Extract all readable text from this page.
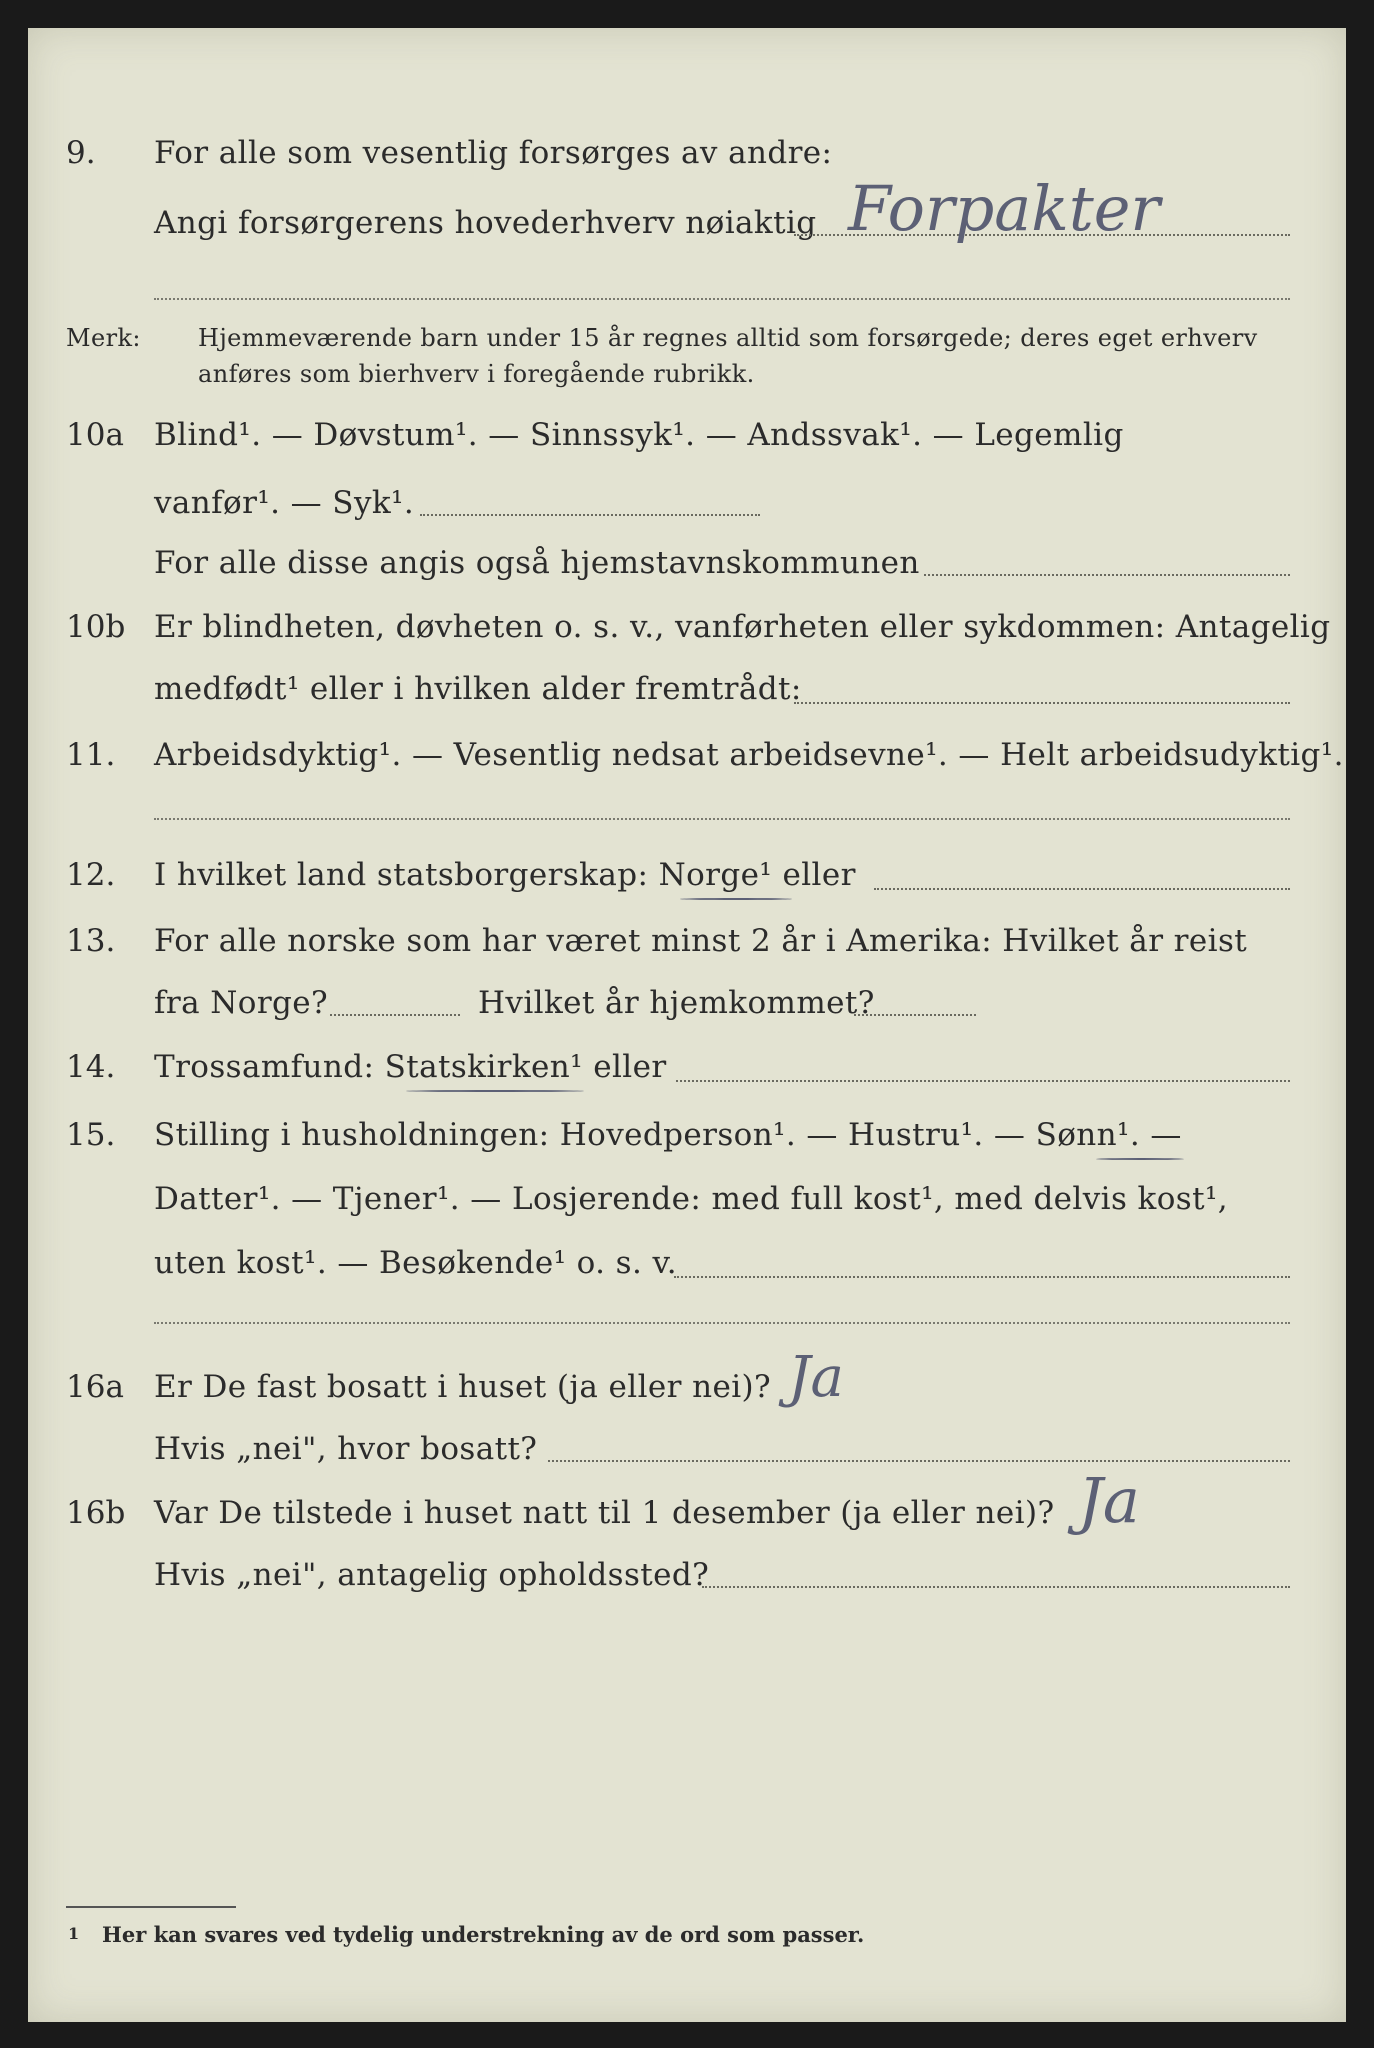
9. For alle som vesentlig forsørges av andre:
Angi forsørgerens hovederhverv nøiaktig Forpakter
Merk: Hjemmeværende barn under 15 år regnes alltid som forsørgede; deres eget erhverv
anføres som bierhverv i foregående rubrikk.
10a Blind¹. — Døvstum¹. — Sinnssyk¹. — Andssvak¹. — Legemlig
vanfør¹. — Syk¹.
For alle disse angis også hjemstavnskommunen
10b Er blindheten, døvheten o. s. v., vanførheten eller sykdommen: Antagelig
medfødt¹ eller i hvilken alder fremtrådt:
11. Arbeidsdyktig¹. — Vesentlig nedsat arbeidsevne¹. — Helt arbeidsudyktig¹.
12. I hvilket land statsborgerskap: Norge¹ eller
13. For alle norske som har været minst 2 år i Amerika: Hvilket år reist
fra Norge?	Hvilket år hjemkommet?
14. Trossamfund: Statskirken¹ eller
15. Stilling i husholdningen: Hovedperson¹. — Hustru¹. — Sønn¹. —
Datter¹. — Tjener¹. — Losjerende: med full kost¹, med delvis kost¹,
uten kost¹. — Besøkende¹ o. s. v.
16a Er De fast bosatt i huset (ja eller nei)? Ja
Hvis „nei", hvor bosatt?
16b Var De tilstede i huset natt til 1 desember (ja eller nei)? Ja
Hvis „nei", antagelig opholdssted?
1 Her kan svares ved tydelig understrekning av de ord som passer.
